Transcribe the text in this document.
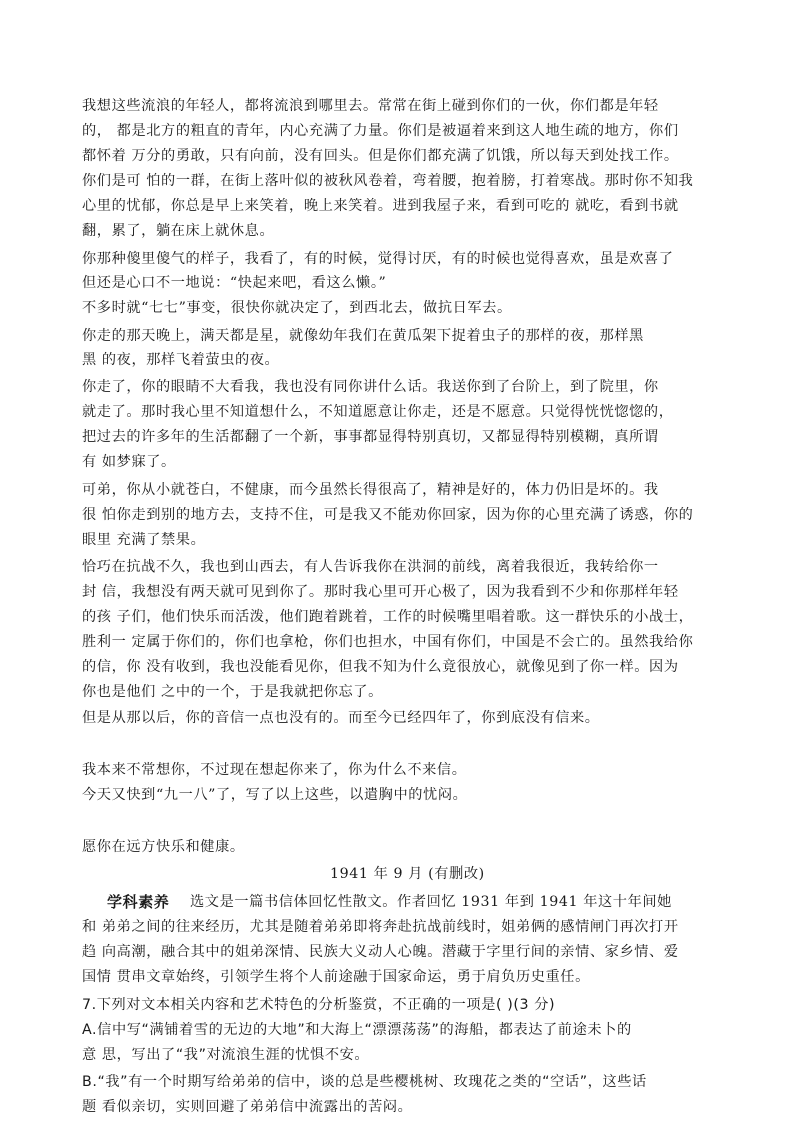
我想这些流浪的年轻人，都将流浪到哪里去。常常在街上碰到你们的一伙，你们都是年轻
的， 都是北方的粗直的青年，内心充满了力量。你们是被逼着来到这人地生疏的地方，你们
都怀着 万分的勇敢，只有向前，没有回头。但是你们都充满了饥饿，所以每天到处找工作。
你们是可 怕的一群，在街上落叶似的被秋风卷着，弯着腰，抱着膀，打着寒战。那时你不知我
心里的忧郁，你总是早上来笑着，晚上来笑着。进到我屋子来，看到可吃的 就吃，看到书就
翻，累了，躺在床上就休息。
你那种傻里傻气的样子，我看了，有的时候，觉得讨厌，有的时候也觉得喜欢，虽是欢喜了
但还是心口不一地说：“快起来吧，看这么懒。”
不多时就“七七”事变，很快你就决定了，到西北去，做抗日军去。
你走的那天晚上，满天都是星，就像幼年我们在黄瓜架下捉着虫子的那样的夜，那样黑
黑 的夜，那样飞着萤虫的夜。
你走了，你的眼睛不大看我，我也没有同你讲什么话。我送你到了台阶上，到了院里，你
就走了。那时我心里不知道想什么，不知道愿意让你走，还是不愿意。只觉得恍恍惚惚的，
把过去的许多年的生活都翻了一个新，事事都显得特别真切，又都显得特别模糊，真所谓
有 如梦寐了。
可弟，你从小就苍白，不健康，而今虽然长得很高了，精神是好的，体力仍旧是坏的。我
很 怕你走到别的地方去，支持不住，可是我又不能劝你回家，因为你的心里充满了诱惑，你的
眼里 充满了禁果。
恰巧在抗战不久，我也到山西去，有人告诉我你在洪洞的前线，离着我很近，我转给你一
封 信，我想没有两天就可见到你了。那时我心里可开心极了，因为我看到不少和你那样年轻
的孩 子们，他们快乐而活泼，他们跑着跳着，工作的时候嘴里唱着歌。这一群快乐的小战士，
胜利一 定属于你们的，你们也拿枪，你们也担水，中国有你们，中国是不会亡的。虽然我给你
的信，你 没有收到，我也没能看见你，但我不知为什么竟很放心，就像见到了你一样。因为
你也是他们 之中的一个，于是我就把你忘了。
但是从那以后，你的音信一点也没有的。而至今已经四年了，你到底没有信来。
我本来不常想你，不过现在想起你来了，你为什么不来信。
今天又快到“九一八”了，写了以上这些，以遣胸中的忧闷。
愿你在远方快乐和健康。
1941 年 9 月 (有删改)
学科素养 选文是一篇书信体回忆性散文。作者回忆 1931 年到 1941 年这十年间她
和 弟弟之间的往来经历，尤其是随着弟弟即将奔赴抗战前线时，姐弟俩的感情闸门再次打开
趋 向高潮，融合其中的姐弟深情、民族大义动人心魄。潜藏于字里行间的亲情、家乡情、爱
国情 贯串文章始终，引领学生将个人前途融于国家命运，勇于肩负历史重任。
7.下列对文本相关内容和艺术特色的分析鉴赏，不正确的一项是( )(3 分)
A.信中写“满铺着雪的无边的大地”和大海上“漂漂荡荡”的海船，都表达了前途未卜的
意 思，写出了“我”对流浪生涯的忧惧不安。
B.“我”有一个时期写给弟弟的信中，谈的总是些樱桃树、玫瑰花之类的“空话”，这些话
题 看似亲切，实则回避了弟弟信中流露出的苦闷。
